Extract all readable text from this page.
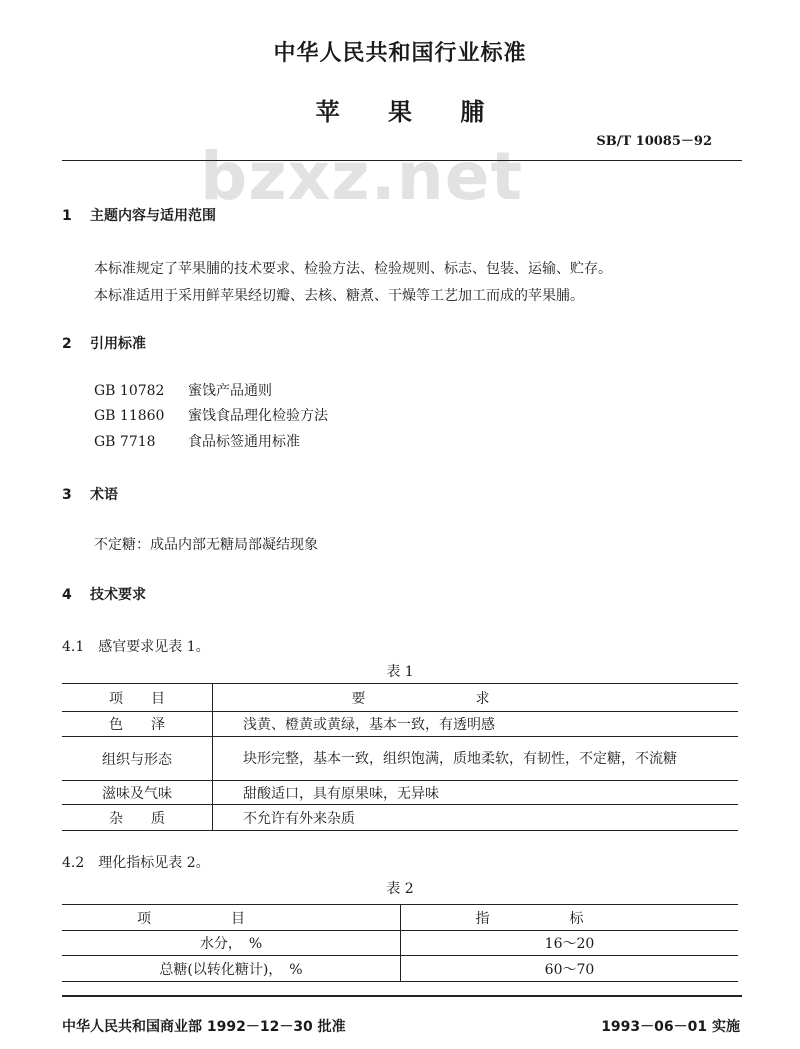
中华人民共和国行业标准
苹 果 脯
SB/T 10085－92
bzxz.net
1 主题内容与适用范围
本标准规定了苹果脯的技术要求、检验方法、检验规则、标志、包装、运输、贮存。
本标准适用于采用鲜苹果经切瓣、去核、糖煮、干燥等工艺加工而成的苹果脯。
2 引用标准
GB 10782 蜜饯产品通则
GB 11860 蜜饯食品理化检验方法
GB 7718 食品标签通用标准
3 术语
不定糖：成品内部无糖局部凝结现象
4 技术要求
4.1　感官要求见表 1。
表 1
项　　目	要求
色　　泽	浅黄、橙黄或黄绿，基本一致，有透明感
组织与形态	块形完整，基本一致，组织饱满，质地柔软，有韧性，不定糖，不流糖
滋味及气味	甜酸适口，具有原果味，无异味
杂　　质	不允许有外来杂质
4.2　理化指标见表 2。
表 2
项目	指标
水分，　%	16～20
总糖(以转化糖计)，　%	60～70
中华人民共和国商业部 1992－12－30 批准	1993－06－01 实施
